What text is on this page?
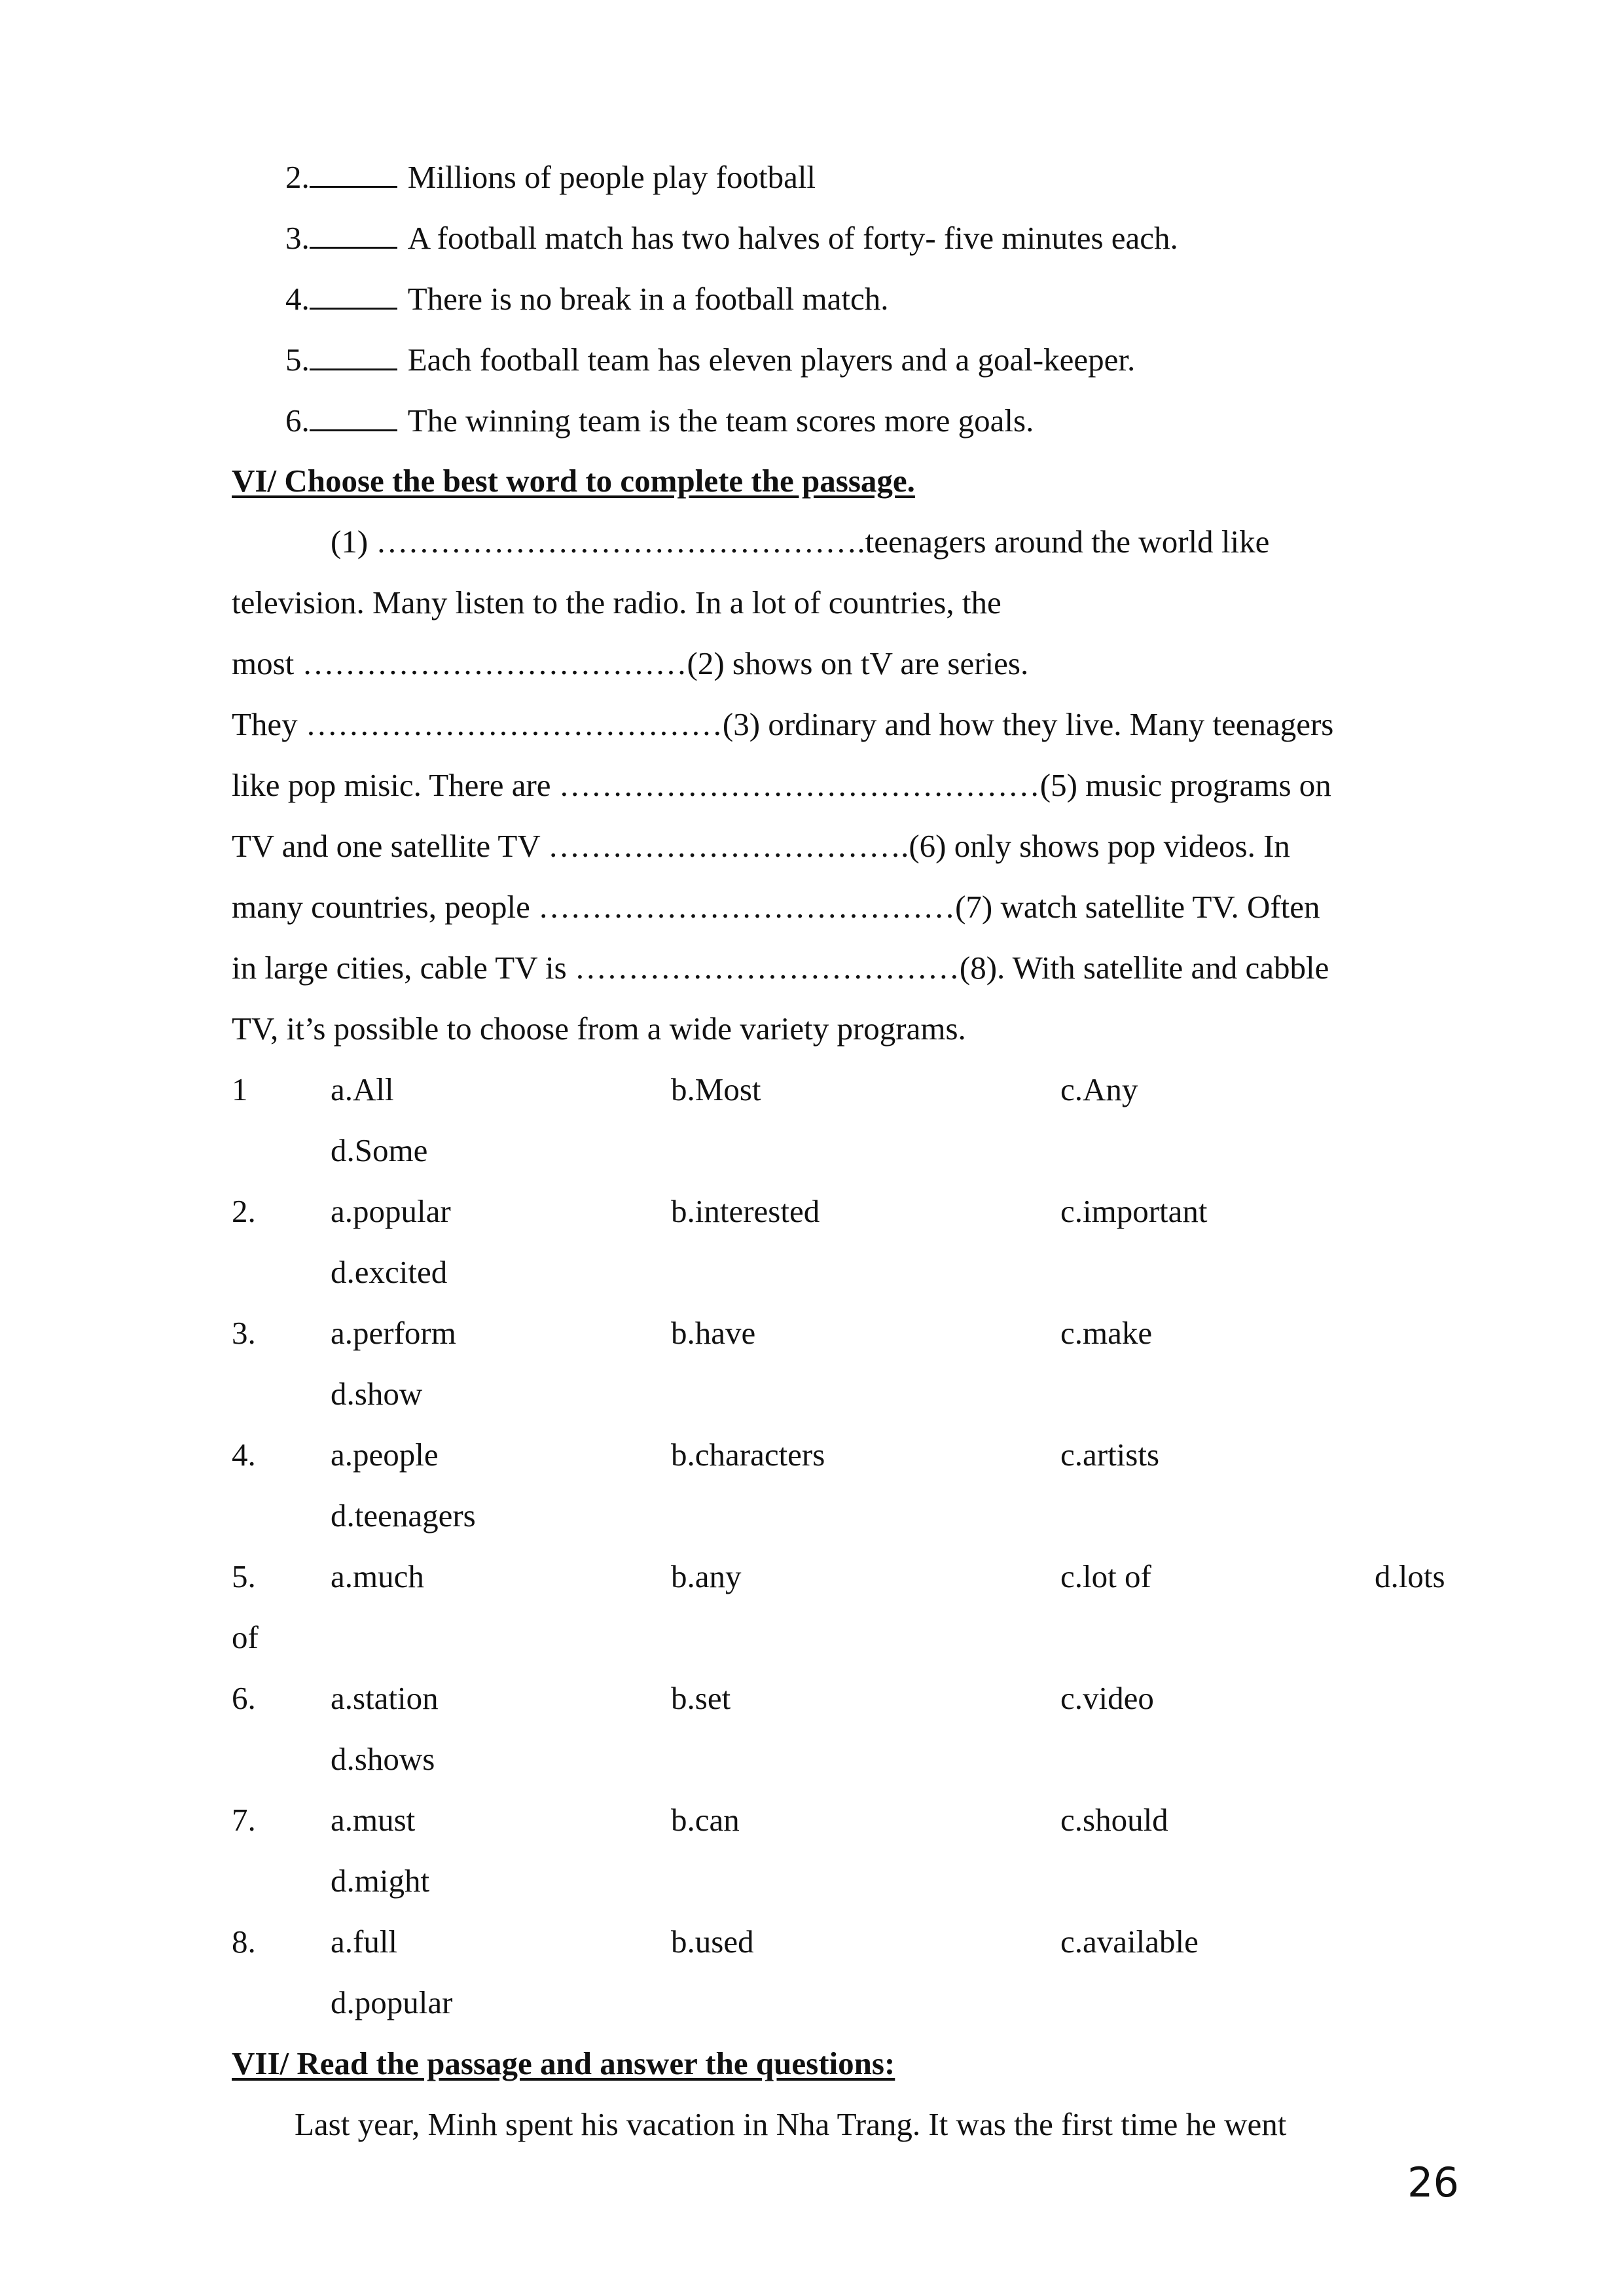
2.	Millions of people play football
3.	A football match has two halves of forty- five minutes each.
4.	There is no break in a football match.
5.	Each football team has eleven players and a goal-keeper.
6.	The winning team is the team scores more goals.
VI/ Choose the best word to complete the passage.
(1) ……………………………………….teenagers around the world like
television. Many listen to the radio. In a lot of countries, the
most ………………………………(2) shows on tV are series.
They …………………………………(3) ordinary and how they live. Many teenagers
like pop misic. There are ………………………………………(5) music programs on
TV and one satellite TV …………………………….(6) only shows pop videos. In
many countries, people …………………………………(7) watch satellite TV. Often
in large cities, cable TV is ………………………………(8). With satellite and cabble
TV, it’s possible to choose from a wide variety programs.
1	a.All	b.Most	c.Any
d.Some
2. a.popular	b.interested	c.important
d.excited
3. a.perform	b.have	c.make
d.show
4. a.people	b.characters	c.artists
d.teenagers
5. a.much	b.any	c.lot of	d.lots
of
6. a.station	b.set	c.video
d.shows
7. a.must	b.can	c.should
d.might
8. a.full	b.used	c.available
d.popular
VII/ Read the passage and answer the questions:
Last year, Minh spent his vacation in Nha Trang. It was the first time he went
26
